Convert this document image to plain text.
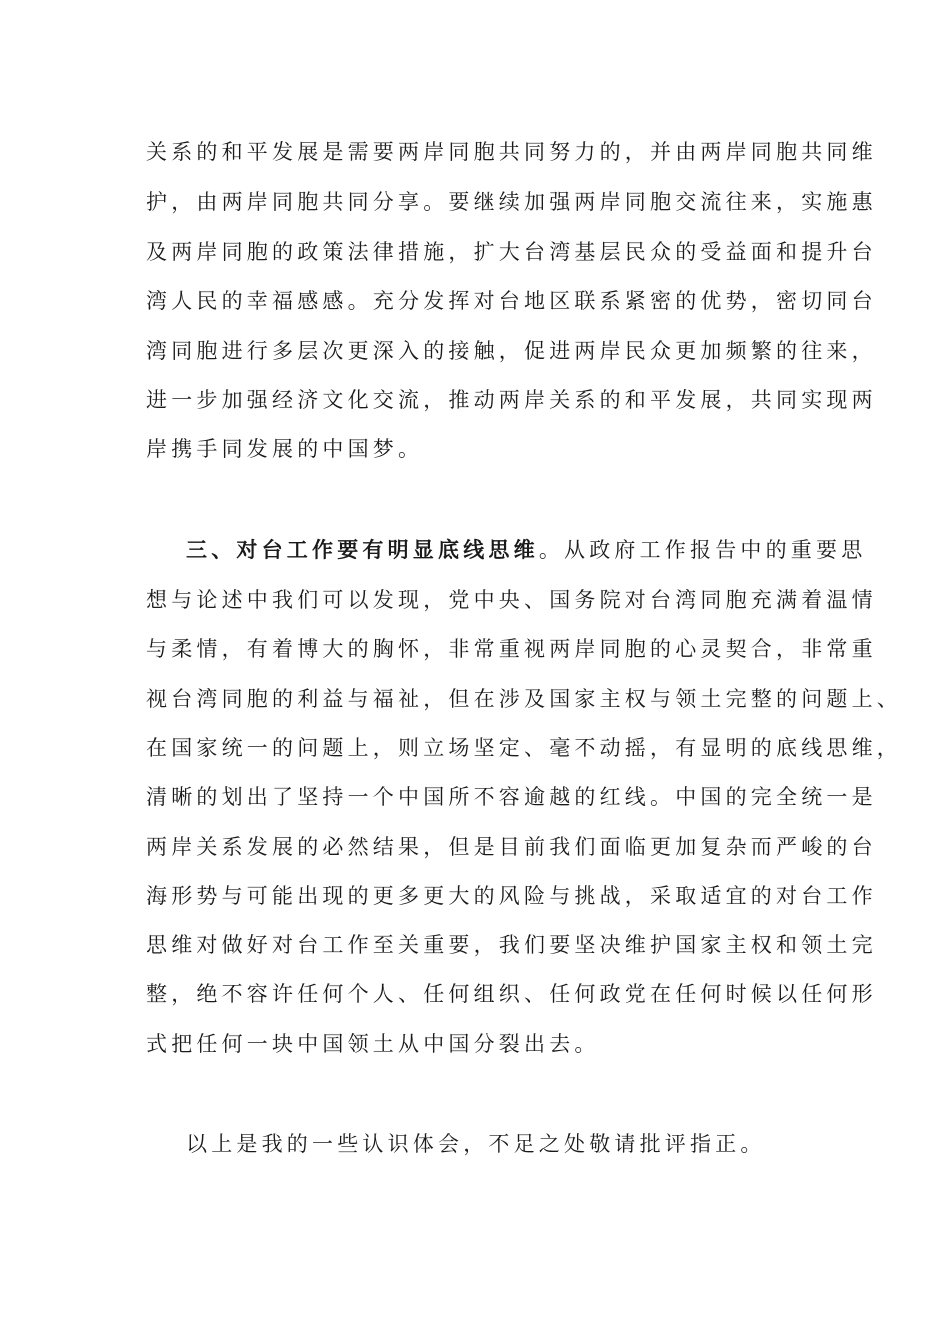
关系的和平发展是需要两岸同胞共同努力的，并由两岸同胞共同维
护，由两岸同胞共同分享。要继续加强两岸同胞交流往来，实施惠
及两岸同胞的政策法律措施，扩大台湾基层民众的受益面和提升台
湾人民的幸福感感。充分发挥对台地区联系紧密的优势，密切同台
湾同胞进行多层次更深入的接触，促进两岸民众更加频繁的往来，
进一步加强经济文化交流，推动两岸关系的和平发展，共同实现两
岸携手同发展的中国梦。
三、对台工作要有明显底线思维。从政府工作报告中的重要思
想与论述中我们可以发现，党中央、国务院对台湾同胞充满着温情
与柔情，有着博大的胸怀，非常重视两岸同胞的心灵契合，非常重
视台湾同胞的利益与福祉，但在涉及国家主权与领土完整的问题上、
在国家统一的问题上，则立场坚定、毫不动摇，有显明的底线思维，
清晰的划出了坚持一个中国所不容逾越的红线。中国的完全统一是
两岸关系发展的必然结果，但是目前我们面临更加复杂而严峻的台
海形势与可能出现的更多更大的风险与挑战，采取适宜的对台工作
思维对做好对台工作至关重要，我们要坚决维护国家主权和领土完
整，绝不容许任何个人、任何组织、任何政党在任何时候以任何形
式把任何一块中国领土从中国分裂出去。
以上是我的一些认识体会，不足之处敬请批评指正。
